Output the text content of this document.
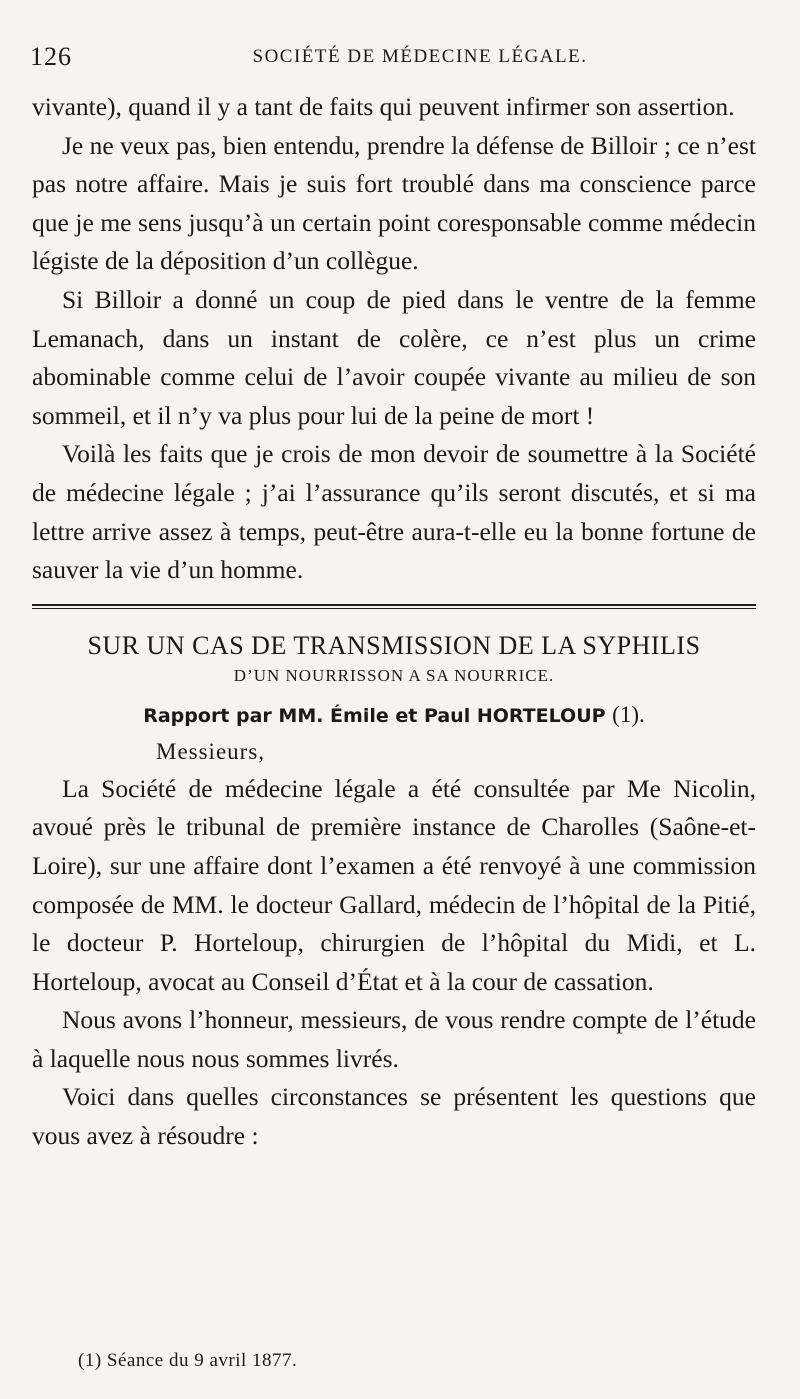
126	SOCIÉTÉ DE MÉDECINE LÉGALE.

vivante), quand il y a tant de faits qui peuvent infirmer son assertion.

Je ne veux pas, bien entendu, prendre la défense de Billoir ; ce n’est pas notre affaire. Mais je suis fort troublé dans ma conscience parce que je me sens jusqu’à un certain point coresponsable comme médecin légiste de la déposition d’un collègue.

Si Billoir a donné un coup de pied dans le ventre de la femme Lemanach, dans un instant de colère, ce n’est plus un crime abominable comme celui de l’avoir coupée vivante au milieu de son sommeil, et il n’y va plus pour lui de la peine de mort !

Voilà les faits que je crois de mon devoir de soumettre à la Société de médecine légale ; j’ai l’assurance qu’ils seront discutés, et si ma lettre arrive assez à temps, peut-être aura-t-elle eu la bonne fortune de sauver la vie d’un homme.

SUR UN CAS DE TRANSMISSION DE LA SYPHILIS
D’UN NOURRISSON A SA NOURRICE.
Rapport par MM. Émile et Paul HORTELOUP (1).
Messieurs,

La Société de médecine légale a été consultée par Me Nicolin, avoué près le tribunal de première instance de Charolles (Saône-et-Loire), sur une affaire dont l’examen a été renvoyé à une commission composée de MM. le docteur Gallard, médecin de l’hôpital de la Pitié, le docteur P. Horteloup, chirurgien de l’hôpital du Midi, et L. Horteloup, avocat au Conseil d’État et à la cour de cassation.

Nous avons l’honneur, messieurs, de vous rendre compte de l’étude à laquelle nous nous sommes livrés.

Voici dans quelles circonstances se présentent les questions que vous avez à résoudre :

(1) Séance du 9 avril 1877.
